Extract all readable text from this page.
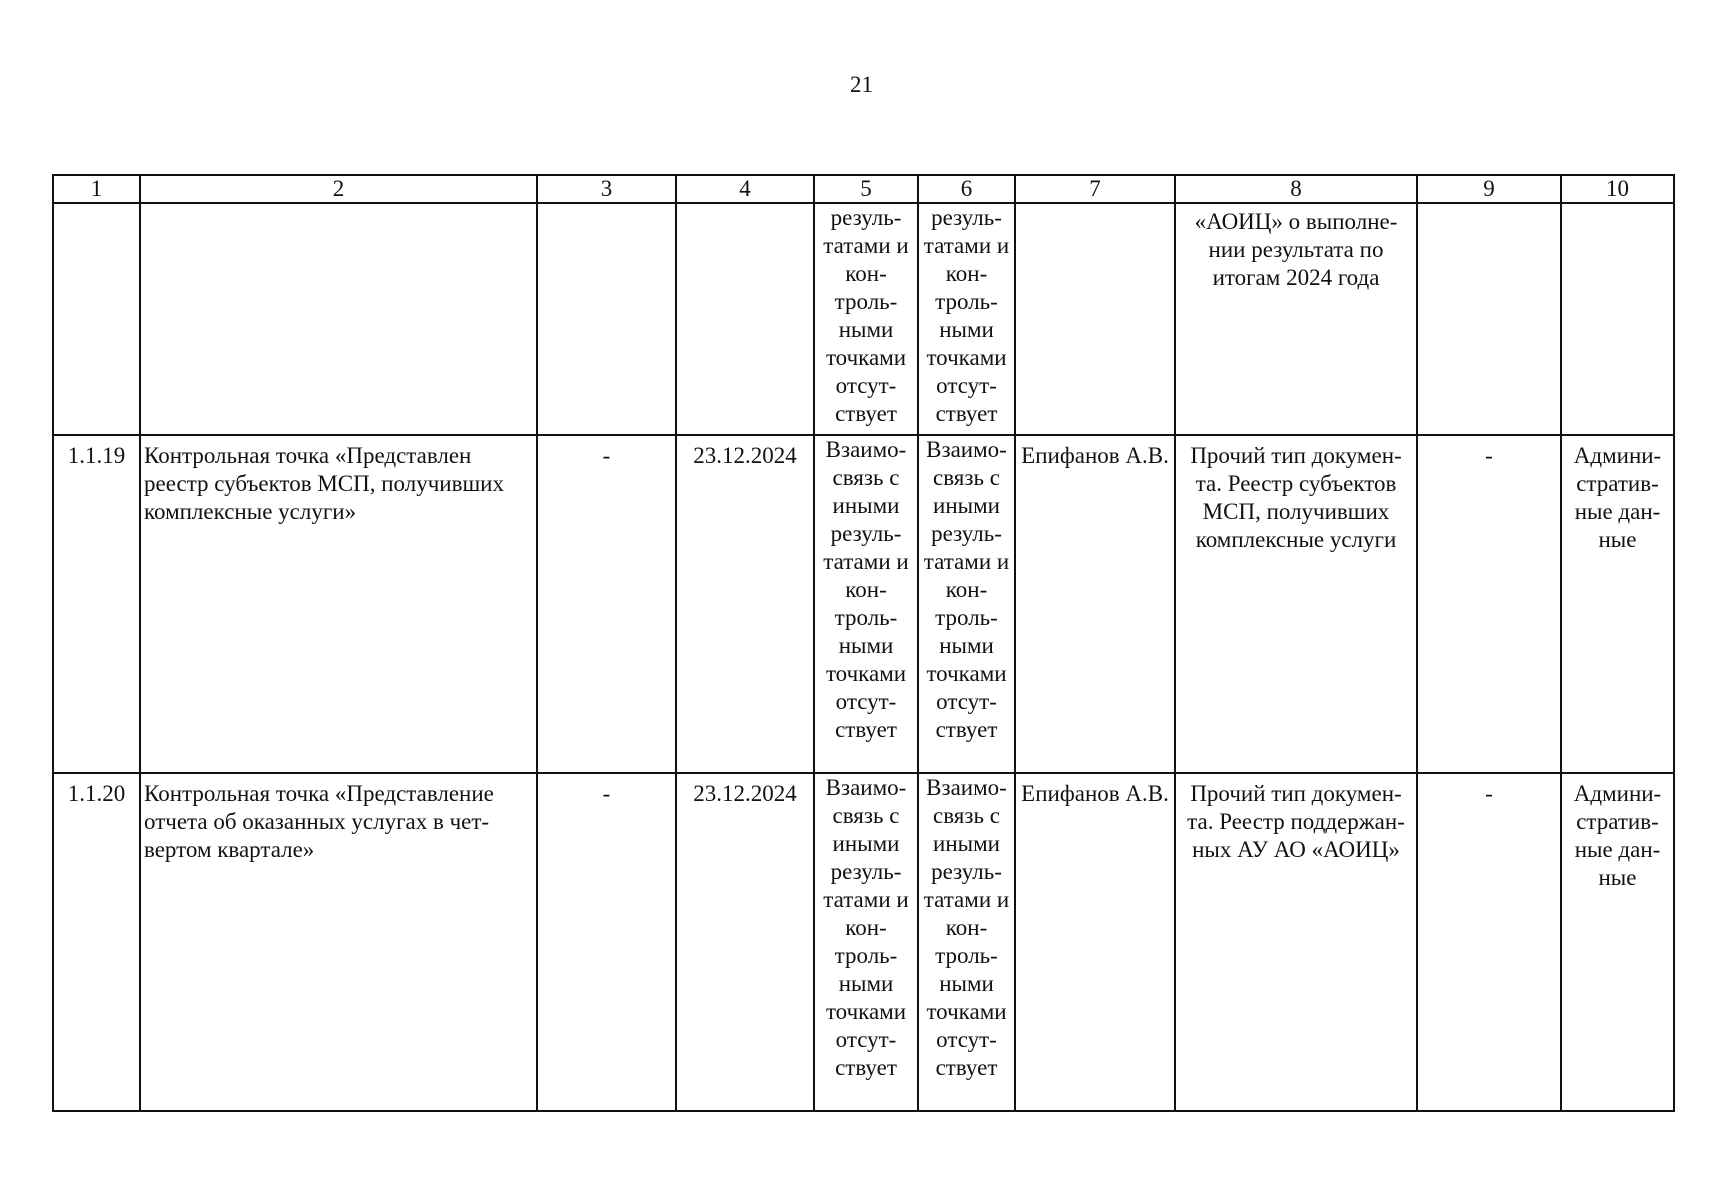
21
1	2	3	4	5	6	7	8	9	10
				резуль-татами и кон-троль-ными точками отсут-ствует	резуль-татами и кон-троль-ными точками отсут-ствует		«АОИЦ» о выполне-нии результата по итогам 2024 года		
1.1.19	Контрольная точка «Представлен реестр субъектов МСП, получивших комплексные услуги»	-	23.12.2024	Взаимо-связь с иными резуль-татами и кон-троль-ными точками отсут-ствует	Взаимо-связь с иными резуль-татами и кон-троль-ными точками отсут-ствует	Епифанов А.В.	Прочий тип докумен-та. Реестр субъектов МСП, получивших комплексные услуги	-	Админи-стратив-ные дан-ные
1.1.20	Контрольная точка «Представление отчета об оказанных услугах в чет-вертом квартале»	-	23.12.2024	Взаимо-связь с иными резуль-татами и кон-троль-ными точками отсут-ствует	Взаимо-связь с иными резуль-татами и кон-троль-ными точками отсут-ствует	Епифанов А.В.	Прочий тип докумен-та. Реестр поддержан-ных АУ АО «АОИЦ»	-	Админи-стратив-ные дан-ные
